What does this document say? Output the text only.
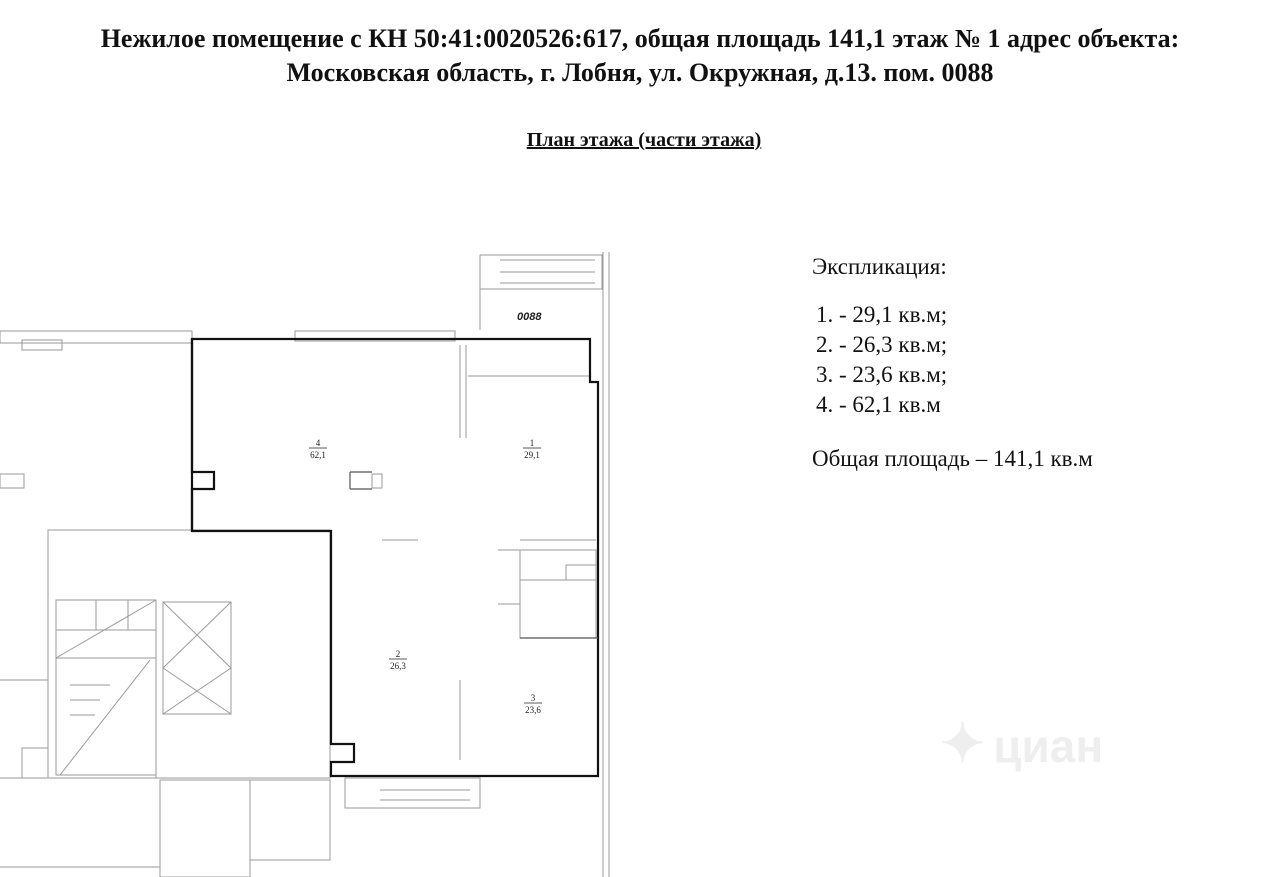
Нежилое помещение с КН 50:41:0020526:617, общая площадь 141,1 этаж № 1 адрес объекта:
Московская область, г. Лобня, ул. Окружная, д.13. пом. 0088
План этажа (части этажа)
0088
4
62,1
1
29,1
2
26,3
3
23,6
Экспликация:
1. - 29,1 кв.м;
2. - 26,3 кв.м;
3. - 23,6 кв.м;
4. - 62,1 кв.м
Общая площадь – 141,1 кв.м
✦ циан
